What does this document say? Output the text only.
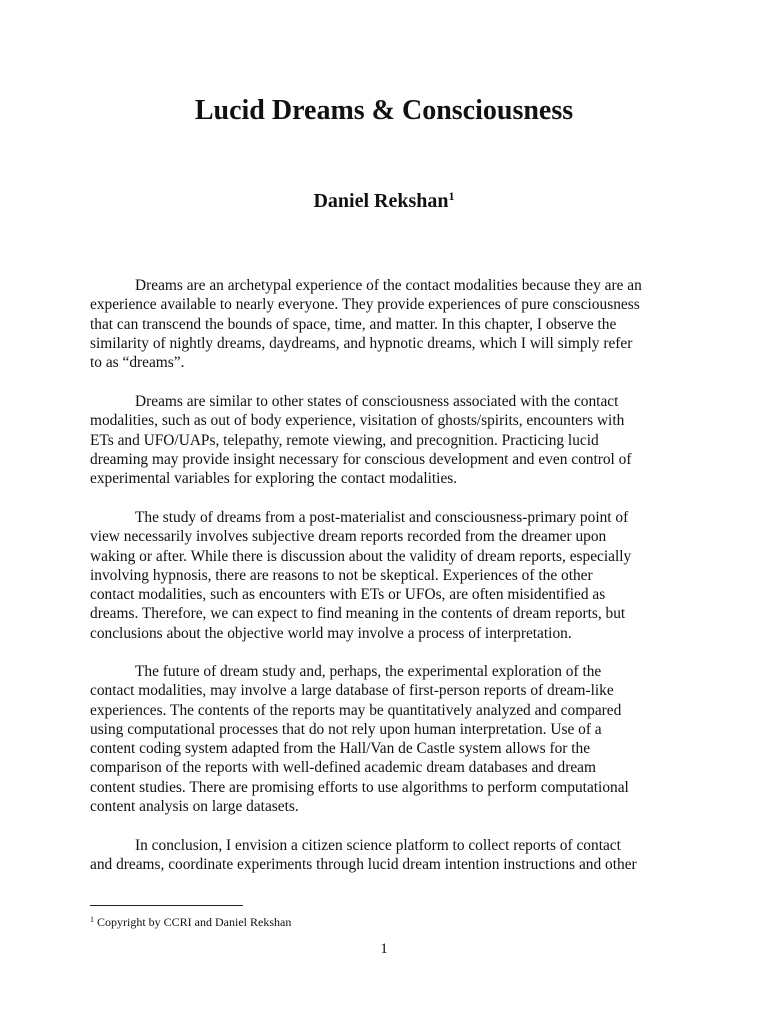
Lucid Dreams & Consciousness
Daniel Rekshan$^1$
Dreams are an archetypal experience of the contact modalities because they are an
experience available to nearly everyone. They provide experiences of pure consciousness
that can transcend the bounds of space, time, and matter. In this chapter, I observe the
similarity of nightly dreams, daydreams, and hypnotic dreams, which I will simply refer
to as “dreams”.
Dreams are similar to other states of consciousness associated with the contact
modalities, such as out of body experience, visitation of ghosts/spirits, encounters with
ETs and UFO/UAPs, telepathy, remote viewing, and precognition. Practicing lucid
dreaming may provide insight necessary for conscious development and even control of
experimental variables for exploring the contact modalities.
The study of dreams from a post-materialist and consciousness-primary point of
view necessarily involves subjective dream reports recorded from the dreamer upon
waking or after. While there is discussion about the validity of dream reports, especially
involving hypnosis, there are reasons to not be skeptical. Experiences of the other
contact modalities, such as encounters with ETs or UFOs, are often misidentified as
dreams. Therefore, we can expect to find meaning in the contents of dream reports, but
conclusions about the objective world may involve a process of interpretation.
The future of dream study and, perhaps, the experimental exploration of the
contact modalities, may involve a large database of first-person reports of dream-like
experiences. The contents of the reports may be quantitatively analyzed and compared
using computational processes that do not rely upon human interpretation. Use of a
content coding system adapted from the Hall/Van de Castle system allows for the
comparison of the reports with well-defined academic dream databases and dream
content studies. There are promising efforts to use algorithms to perform computational
content analysis on large datasets.
In conclusion, I envision a citizen science platform to collect reports of contact
and dreams, coordinate experiments through lucid dream intention instructions and other
$^1$ Copyright by CCRI and Daniel Rekshan
1
